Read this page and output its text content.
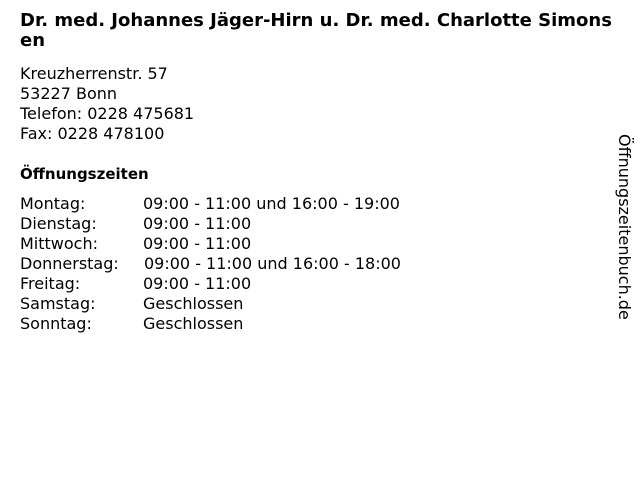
Dr. med. Johannes Jäger-Hirn u. Dr. med. Charlotte Simonsen
Kreuzherrenstr. 57
53227 Bonn
Telefon: 0228 475681
Fax: 0228 478100
Öffnungszeiten
Montag:	09:00 - 11:00 und 16:00 - 19:00
Dienstag:	09:00 - 11:00
Mittwoch:	09:00 - 11:00
Donnerstag:	09:00 - 11:00 und 16:00 - 18:00
Freitag:	09:00 - 11:00
Samstag:	Geschlossen
Sonntag:	Geschlossen
Öffnungszeitenbuch.de
